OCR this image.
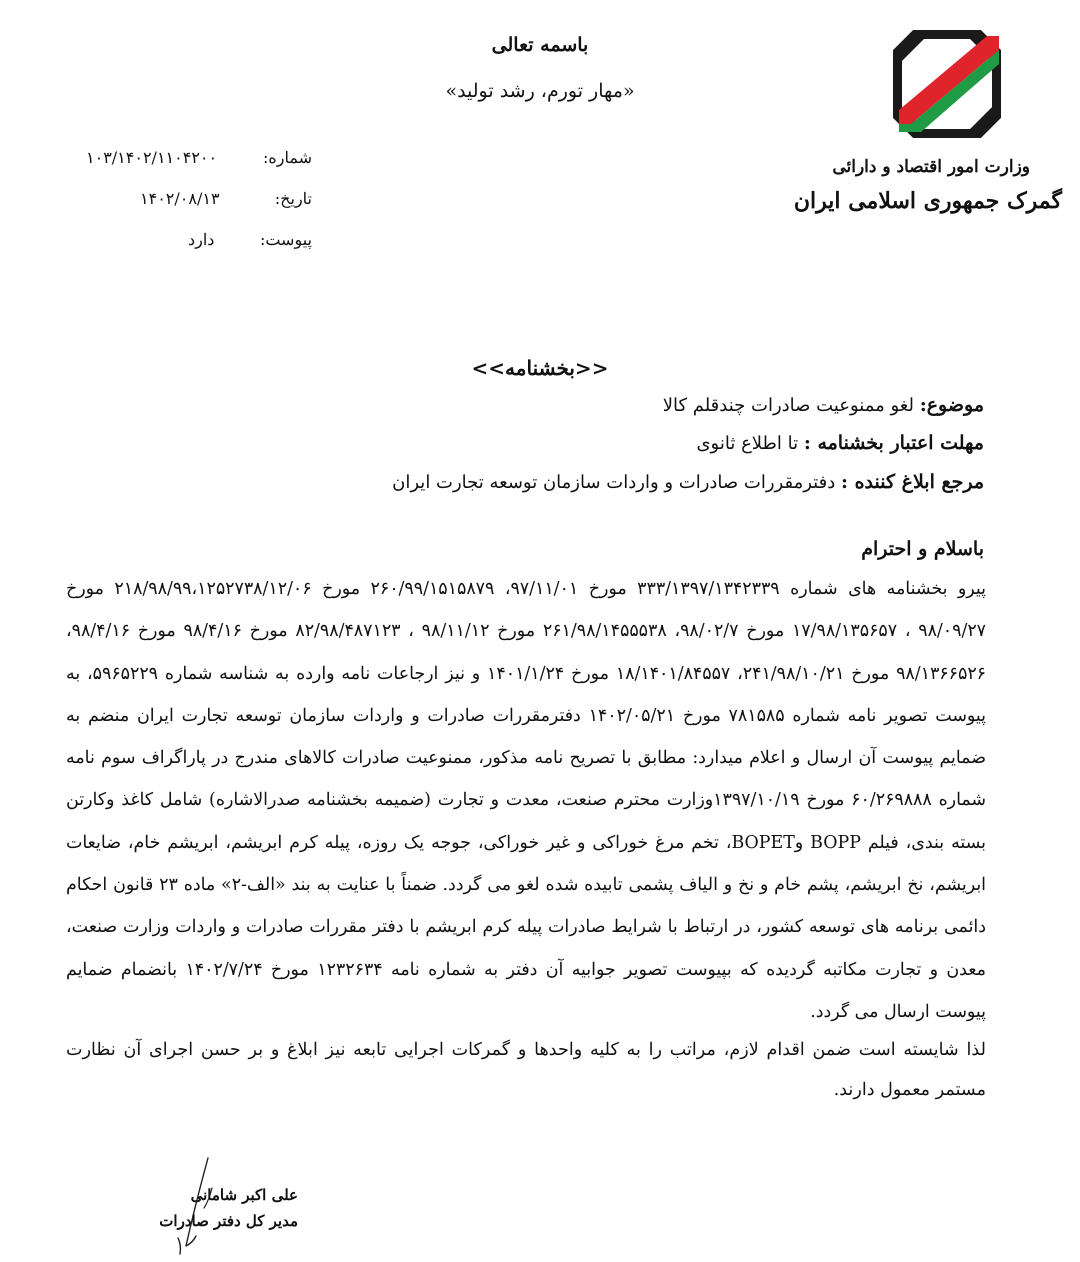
باسمه تعالی
«مهار تورم، رشد تولید»
وزارت امور اقتصاد و دارائی
گمرک جمهوری اسلامی ایران
شماره:
۱۰۳/۱۴۰۲/۱۱۰۴۲۰۰
تاریخ:
۱۴۰۲/۰۸/۱۳
پیوست:
دارد
<<بخشنامه>>
موضوع: لغو ممنوعیت صادرات چندقلم کالا
مهلت اعتبار بخشنامه : تا اطلاع ثانوی
مرجع ابلاغ کننده : دفترمقررات صادرات و واردات سازمان توسعه تجارت ایران
باسلام و احترام
پیرو بخشنامه های شماره ۳۳۳/۱۳۹۷/۱۳۴۲۳۳۹ مورخ ۹۷/۱۱/۰۱، ۲۶۰/۹۹/۱۵۱۵۸۷۹ مورخ ۲۱۸/۹۸/۹۹،۱۲۵۲۷۳۸/۱۲/۰۶ مورخ ۹۸/۰۹/۲۷ ، ۱۷/۹۸/۱۳۵۶۵۷ مورخ ۹۸/۰۲/۷، ۲۶۱/۹۸/۱۴۵۵۵۳۸ مورخ ۹۸/۱۱/۱۲ ، ۸۲/۹۸/۴۸۷۱۲۳ مورخ ۹۸/۴/۱۶ مورخ ۹۸/۴/۱۶، ۹۸/۱۳۶۶۵۲۶ مورخ ۲۴۱/۹۸/۱۰/۲۱، ۱۸/۱۴۰۱/۸۴۵۵۷ مورخ ۱۴۰۱/۱/۲۴ و نیز ارجاعات نامه وارده به شناسه شماره ۵۹۶۵۲۲۹، به پیوست تصویر نامه شماره ۷۸۱۵۸۵ مورخ ۱۴۰۲/۰۵/۲۱ دفترمقررات صادرات و واردات سازمان توسعه تجارت ایران منضم به ضمایم پیوست آن ارسال و اعلام میدارد: مطابق با تصریح نامه مذکور، ممنوعیت صادرات کالاهای مندرج در پاراگراف سوم نامه شماره ۶۰/۲۶۹۸۸۸ مورخ ۱۳۹۷/۱۰/۱۹وزارت محترم صنعت، معدت و تجارت (ضمیمه بخشنامه صدرالاشاره) شامل کاغذ وکارتن بسته بندی، فیلم BOPP وBOPET، تخم مرغ خوراکی و غیر خوراکی، جوجه یک روزه، پیله کرم ابریشم، ابریشم خام، ضایعات ابریشم، نخ ابریشم، پشم خام و نخ و الیاف پشمی تابیده شده لغو می گردد. ضمناً با عنایت به بند «الف-۲» ماده ۲۳ قانون احکام دائمی برنامه های توسعه کشور، در ارتباط با شرایط صادرات پیله کرم ابریشم با دفتر مقررات صادرات و واردات وزارت صنعت، معدن و تجارت مکاتبه گردیده که بپیوست تصویر جوابیه آن دفتر به شماره نامه ۱۲۳۲۶۳۴ مورخ ۱۴۰۲/۷/۲۴ بانضمام ضمایم پیوست ارسال می گردد.
لذا شایسته است ضمن اقدام لازم، مراتب را به کلیه واحدها و گمرکات اجرایی تابعه نیز ابلاغ و بر حسن اجرای آن نظارت مستمر معمول دارند.
علی اکبر شامانی
مدیر کل دفتر صادرات
